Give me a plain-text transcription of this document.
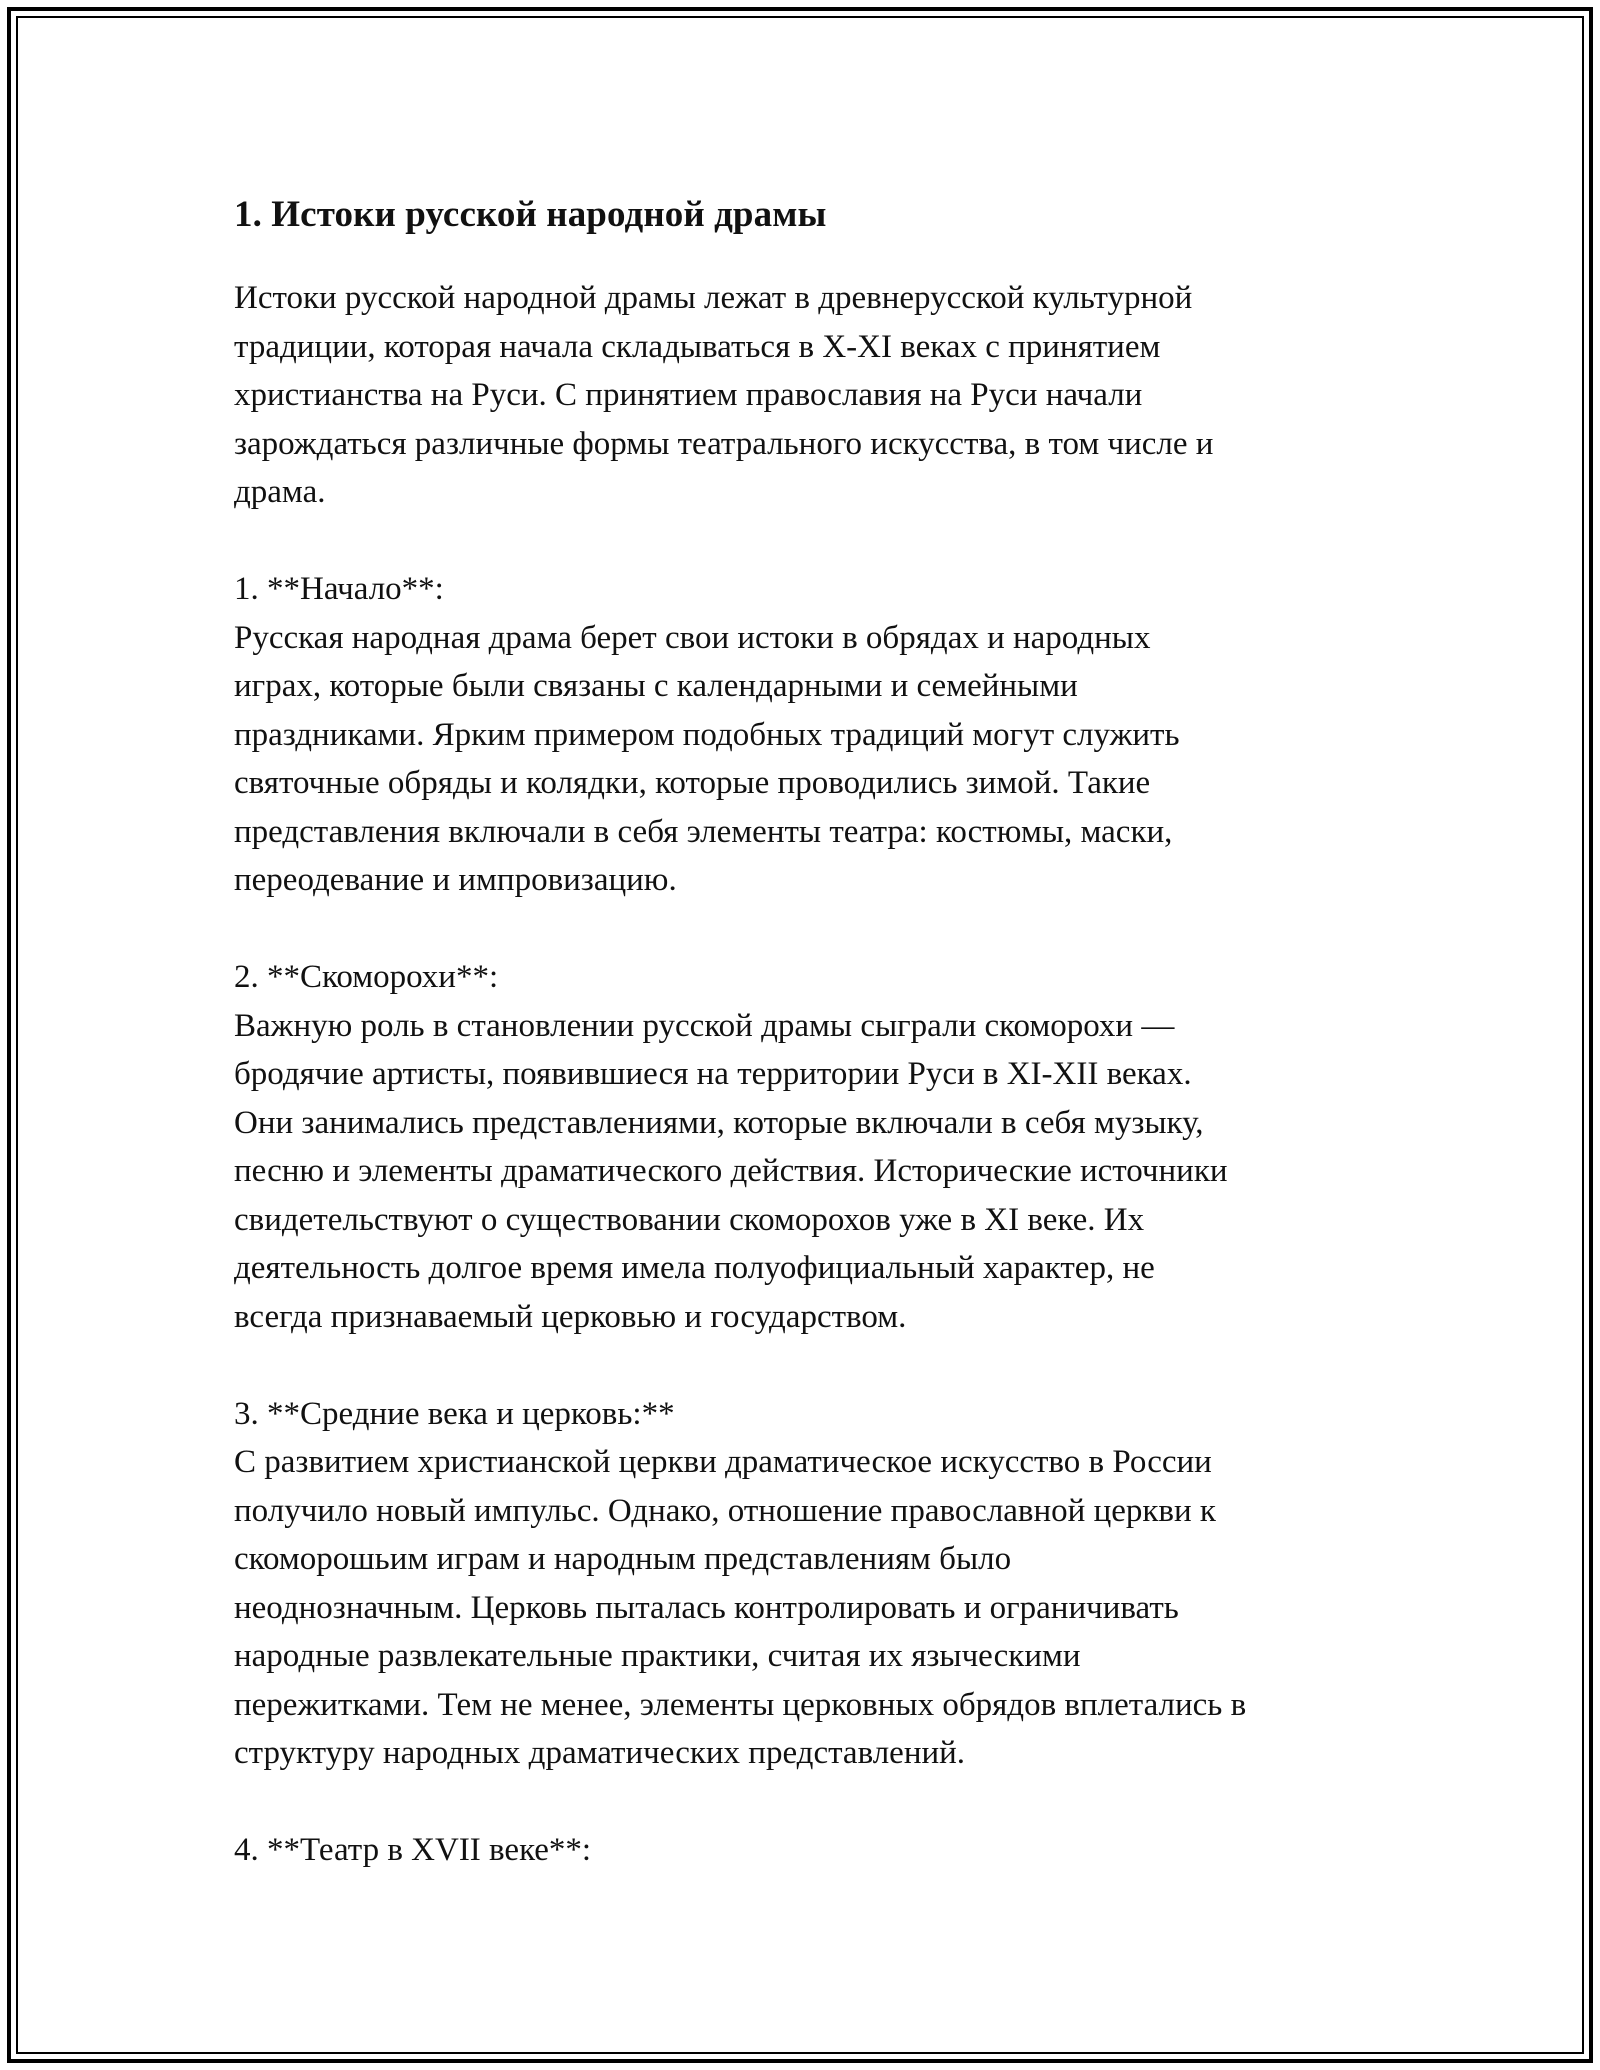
1. Истоки русской народной драмы

Истоки русской народной драмы лежат в древнерусской культурной
традиции, которая начала складываться в X-XI веках с принятием
христианства на Руси. С принятием православия на Руси начали
зарождаться различные формы театрального искусства, в том числе и
драма.

1. **Начало**:

Русская народная драма берет свои истоки в обрядах и народных
играх, которые были связаны с календарными и семейными
праздниками. Ярким примером подобных традиций могут служить
святочные обряды и колядки, которые проводились зимой. Такие
представления включали в себя элементы театра: костюмы, маски,
переодевание и импровизацию.

2. **Скоморохи**:

Важную роль в становлении русской драмы сыграли скоморохи —
бродячие артисты, появившиеся на территории Руси в XI-XII веках.
Они занимались представлениями, которые включали в себя музыку,
песню и элементы драматического действия. Исторические источники
свидетельствуют о существовании скоморохов уже в XI веке. Их
деятельность долгое время имела полуофициальный характер, не
всегда признаваемый церковью и государством.

3. **Средние века и церковь:**

С развитием христианской церкви драматическое искусство в России
получило новый импульс. Однако, отношение православной церкви к
скоморошьим играм и народным представлениям было
неоднозначным. Церковь пыталась контролировать и ограничивать
народные развлекательные практики, считая их языческими
пережитками. Тем не менее, элементы церковных обрядов вплетались в
структуру народных драматических представлений.

4. **Театр в XVII веке**:
